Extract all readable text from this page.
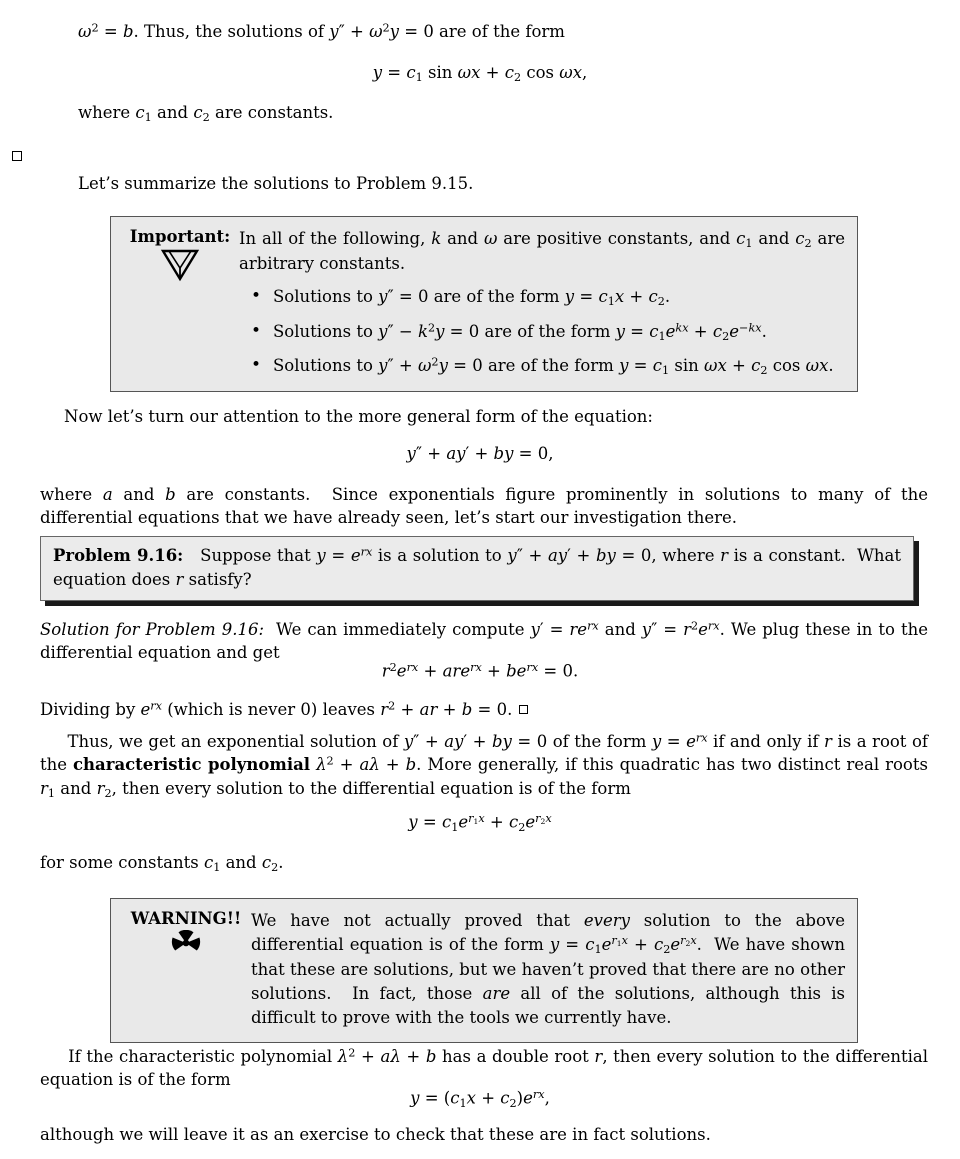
$\omega^2 = b$. Thus, the solutions of $y'' + \omega^2y = 0$ are of the form
$y = c_1$ $\sin \omega x + c_2$ cos ωx,
where $c_1$ and $c_2$ are constants.
Let’s summarize the solutions to Problem 9.15.
Important: In all of the following, k and ω are positive constants, and $c_1$ and $c_2$ are arbitrary constants.
• Solutions to y″ = 0 are of the form $y = c_1x + c_2$.
• Solutions to $y'' - k^2y = 0$ are of the form $y = c_1e^{kx} + c_2e^{-kx}$.
• Solutions to $y'' + \omega^2y = 0$ are of the form $y = c_1$ $\sin \omega x + c_2$ cos ωx.
Now let’s turn our attention to the more general form of the equation:
y″ + ay′ + by = 0,

where a and b are constants.  Since exponentials figure prominently in solutions to many of the differential equations that we have already seen, let’s start our investigation there.

Problem 9.16:   Suppose that $y = e^{rx}$ is a solution to y″ + ay′ + by = 0, where r is a constant.  What equation does r satisfy?

Solution for Problem 9.16:  We can immediately compute $y' = re^{rx}$ and $y'' = r^2e^{rx}$. We plug these in to the differential equation and get

$r^2e^{rx} + are^{rx} + be^{rx} = 0$.
Dividing by $e^{rx}$ (which is never 0) leaves $r^2$ + ar + b = 0.

Thus, we get an exponential solution of y″ + ay′ + by = 0 of the form $y = e^{rx}$ if and only if r is a root of the characteristic polynomial $\lambda^2 + a\lambda + b$. More generally, if this quadratic has two distinct real roots $r_1$ and $r_2$, then every solution to the differential equation is of the form

$y = c_1e^{r_1x} + c_2e^{r_2x}$
for some constants $c_1$ and $c_2$.
WARNING!! We have not actually proved that every solution to the above differential equation is of the form $y = c_1e^{r_1x} + c_2e^{r_2x}$.  We have shown that these are solutions, but we haven’t proved that there are no other solutions.  In fact, those are all of the solutions, although this is difficult to prove with the tools we currently have.

If the characteristic polynomial $\lambda^2 + a\lambda + b$ has a double root r, then every solution to the differential equation is of the form

$y = (c_1x + c_2)e^{rx}$,
although we will leave it as an exercise to check that these are in fact solutions.
